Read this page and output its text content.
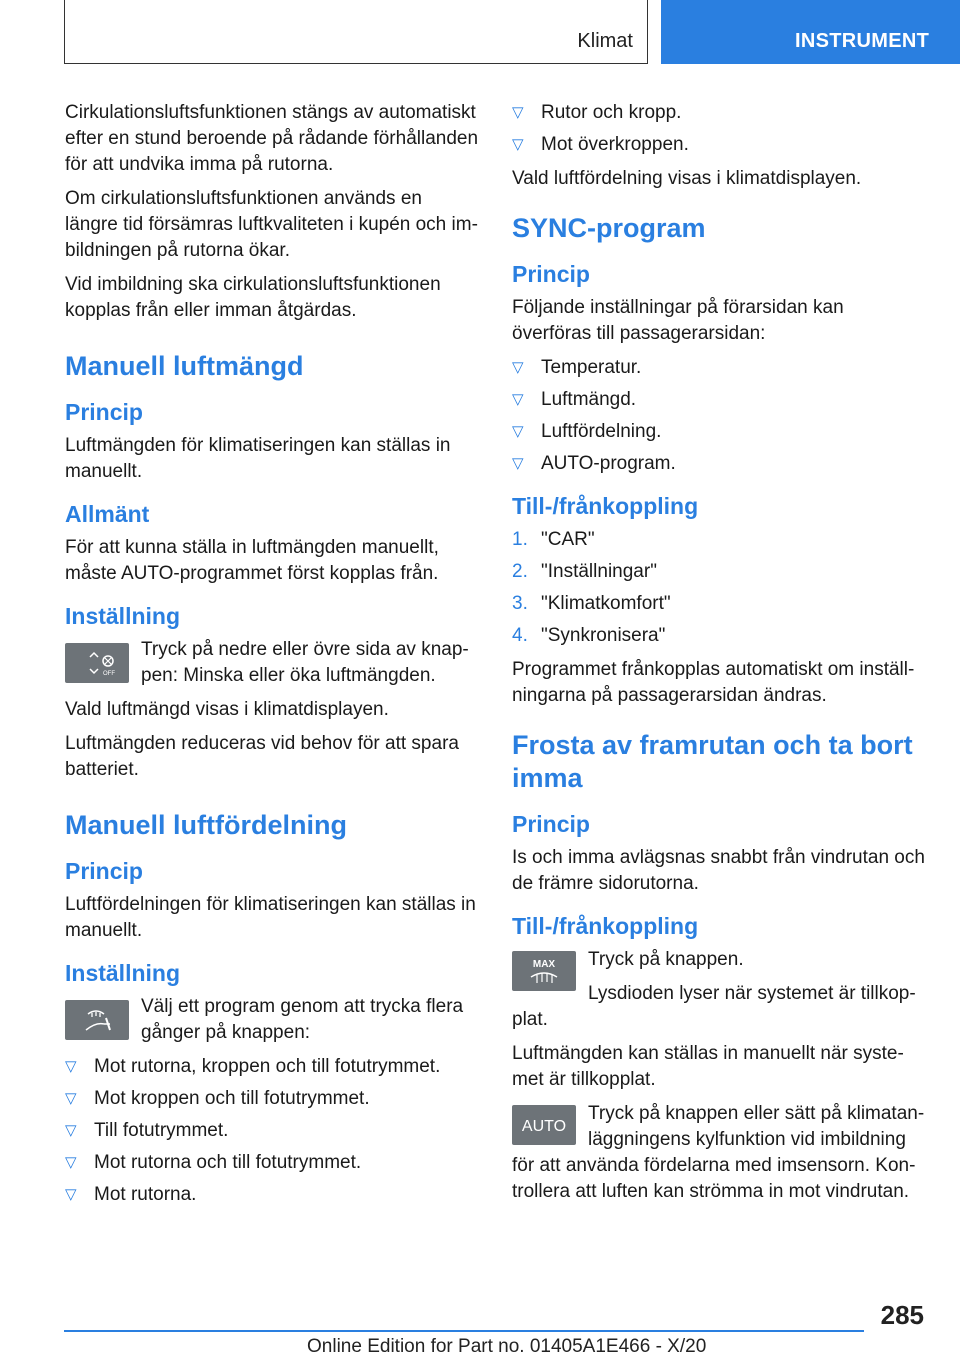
Klimat	INSTRUMENT

Cirkulationsluftsfunktionen stängs av automatiskt efter en stund beroende på rådande förhållanden för att undvika imma på rutorna.

Om cirkulationsluftsfunktionen används en längre tid försämras luftkvaliteten i kupén och imbildningen på rutorna ökar.

Vid imbildning ska cirkulationsluftsfunktionen kopplas från eller imman åtgärdas.

Manuell luftmängd
Princip

Luftmängden för klimatiseringen kan ställas in manuellt.

Allmänt

För att kunna ställa in luftmängden manuellt, måste AUTO-programmet först kopplas från.

Inställning
OFF
Tryck på nedre eller övre sida av knappen: Minska eller öka luftmängden.

Vald luftmängd visas i klimatdisplayen.

Luftmängden reduceras vid behov för att spara batteriet.

Manuell luftfördelning
Princip

Luftfördelningen för klimatiseringen kan ställas in manuellt.

Inställning
Välj ett program genom att trycka flera gånger på knappen:
▽ Mot rutorna, kroppen och till fotutrymmet.
▽ Mot kroppen och till fotutrymmet.
▽ Till fotutrymmet.
▽ Mot rutorna och till fotutrymmet.
▽ Mot rutorna.
▽ Rutor och kropp.
▽ Mot överkroppen.

Vald luftfördelning visas i klimatdisplayen.

SYNC-program
Princip

Följande inställningar på förarsidan kan överföras till passagerarsidan:

▽ Temperatur.
▽ Luftmängd.
▽ Luftfördelning.
▽ AUTO-program.
Till-/frånkoppling
1. "CAR"
2. "Inställningar"
3. "Klimatkomfort"
4. "Synkronisera"

Programmet frånkopplas automatiskt om inställningarna på passagerarsidan ändras.

Frosta av framrutan och ta bort imma
Princip

Is och imma avlägsnas snabbt från vindrutan och de främre sidorutorna.

Till-/frånkoppling
MAX	Tryck på knappen.

Lysdioden lyser när systemet är tillkopplat.

Luftmängden kan ställas in manuellt när systemet är tillkopplat.

AUTO

Tryck på knappen eller sätt på klimatanläggningens kylfunktion vid imbildning för att använda fördelarna med imsensorn. Kontrollera att luften kan strömma in mot vindrutan.

285
Online Edition for Part no. 01405A1E466 - X/20
